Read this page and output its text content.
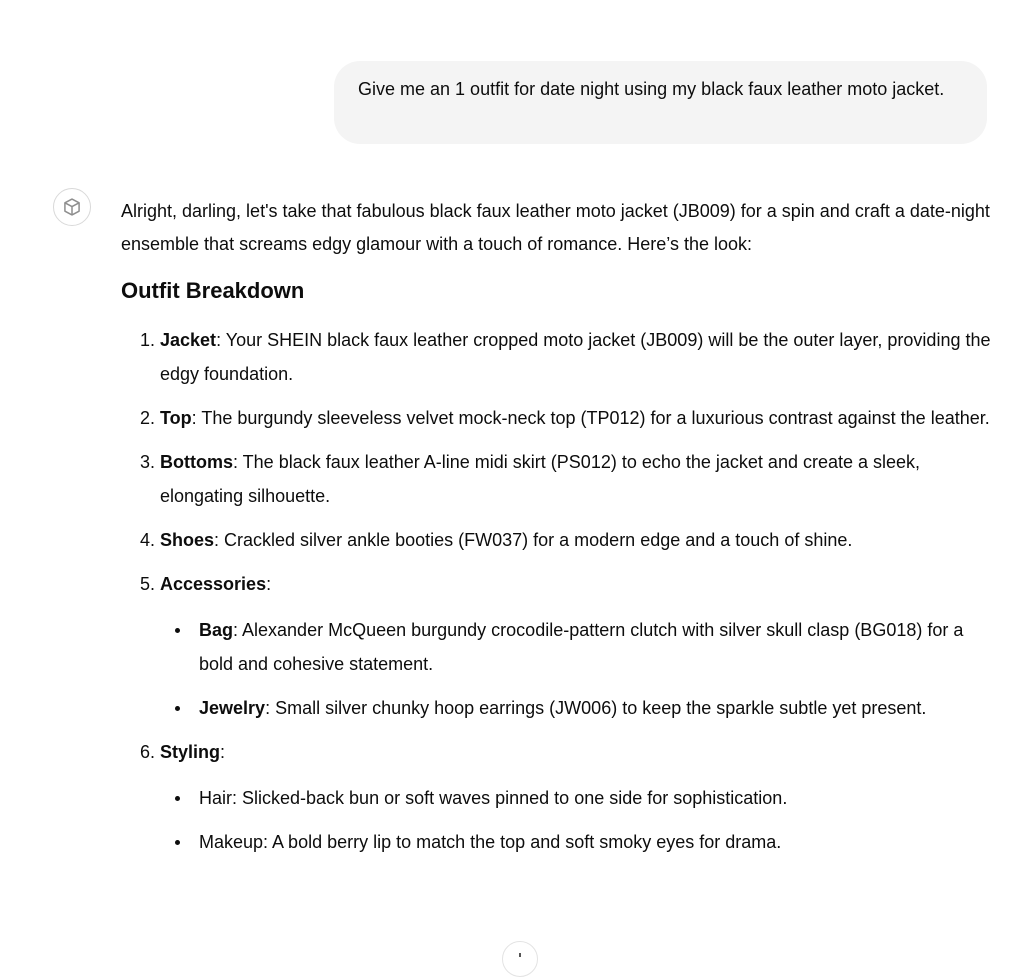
Give me an 1 outfit for date night using my black faux leather moto jacket.

Alright, darling, let's take that fabulous black faux leather moto jacket (JB009) for a spin and craft a date-night ensemble that screams edgy glamour with a touch of romance. Here’s the look:

Outfit Breakdown
1. Jacket: Your SHEIN black faux leather cropped moto jacket (JB009) will be the outer layer, providing the edgy foundation.
2. Top: The burgundy sleeveless velvet mock-neck top (TP012) for a luxurious contrast against the leather.
3. Bottoms: The black faux leather A-line midi skirt (PS012) to echo the jacket and create a sleek, elongating silhouette.
4. Shoes: Crackled silver ankle booties (FW037) for a modern edge and a touch of shine.
5. Accessories:
Bag: Alexander McQueen burgundy crocodile-pattern clutch with silver skull clasp (BG018) for a bold and cohesive statement.
Jewelry: Small silver chunky hoop earrings (JW006) to keep the sparkle subtle yet present.
6. Styling:
Hair: Slicked-back bun or soft waves pinned to one side for sophistication.
Makeup: A bold berry lip to match the top and soft smoky eyes for drama.
